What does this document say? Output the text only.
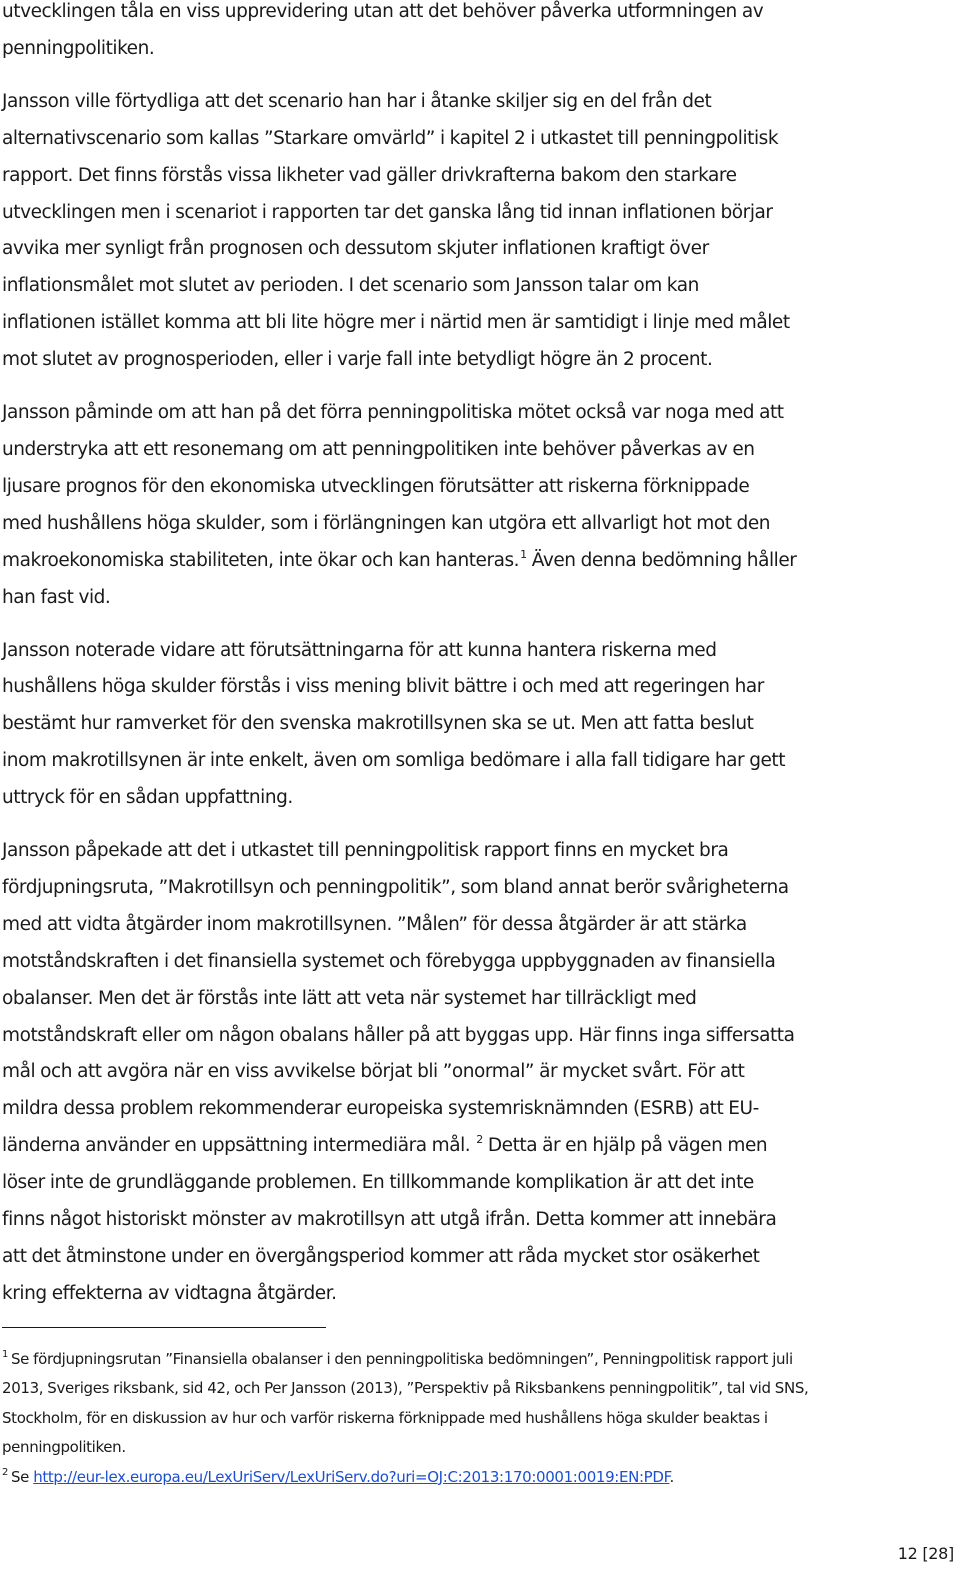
utvecklingen tåla en viss upprevidering utan att det behöver påverka utformningen av
penningpolitiken.

Jansson ville förtydliga att det scenario han har i åtanke skiljer sig en del från det
alternativscenario som kallas ”Starkare omvärld” i kapitel 2 i utkastet till penningpolitisk
rapport. Det finns förstås vissa likheter vad gäller drivkrafterna bakom den starkare
utvecklingen men i scenariot i rapporten tar det ganska lång tid innan inflationen börjar
avvika mer synligt från prognosen och dessutom skjuter inflationen kraftigt över
inflationsmålet mot slutet av perioden. I det scenario som Jansson talar om kan
inflationen istället komma att bli lite högre mer i närtid men är samtidigt i linje med målet
mot slutet av prognosperioden, eller i varje fall inte betydligt högre än 2 procent.

Jansson påminde om att han på det förra penningpolitiska mötet också var noga med att
understryka att ett resonemang om att penningpolitiken inte behöver påverkas av en
ljusare prognos för den ekonomiska utvecklingen förutsätter att riskerna förknippade
med hushållens höga skulder, som i förlängningen kan utgöra ett allvarligt hot mot den
makroekonomiska stabiliteten, inte ökar och kan hanteras.$^1$ Även denna bedömning håller
han fast vid.

Jansson noterade vidare att förutsättningarna för att kunna hantera riskerna med
hushållens höga skulder förstås i viss mening blivit bättre i och med att regeringen har
bestämt hur ramverket för den svenska makrotillsynen ska se ut. Men att fatta beslut
inom makrotillsynen är inte enkelt, även om somliga bedömare i alla fall tidigare har gett
uttryck för en sådan uppfattning.

Jansson påpekade att det i utkastet till penningpolitisk rapport finns en mycket bra
fördjupningsruta, ”Makrotillsyn och penningpolitik”, som bland annat berör svårigheterna
med att vidta åtgärder inom makrotillsynen. ”Målen” för dessa åtgärder är att stärka
motståndskraften i det finansiella systemet och förebygga uppbyggnaden av finansiella
obalanser. Men det är förstås inte lätt att veta när systemet har tillräckligt med
motståndskraft eller om någon obalans håller på att byggas upp. Här finns inga siffersatta
mål och att avgöra när en viss avvikelse börjat bli ”onormal” är mycket svårt. För att
mildra dessa problem rekommenderar europeiska systemrisknämnden (ESRB) att EU-
länderna använder en uppsättning intermediära mål. $^2$ Detta är en hjälp på vägen men
löser inte de grundläggande problemen. En tillkommande komplikation är att det inte
finns något historiskt mönster av makrotillsyn att utgå ifrån. Detta kommer att innebära
att det åtminstone under en övergångsperiod kommer att råda mycket stor osäkerhet
kring effekterna av vidtagna åtgärder.

$^1$ Se fördjupningsrutan ”Finansiella obalanser i den penningpolitiska bedömningen”, Penningpolitisk rapport juli
2013, Sveriges riksbank, sid 42, och Per Jansson (2013), ”Perspektiv på Riksbankens penningpolitik”, tal vid SNS,
Stockholm, för en diskussion av hur och varför riskerna förknippade med hushållens höga skulder beaktas i
penningpolitiken.

$^2$ Se http://eur-lex.europa.eu/LexUriServ/LexUriServ.do?uri=OJ:C:2013:170:0001:0019:EN:PDF.

12 [28]
